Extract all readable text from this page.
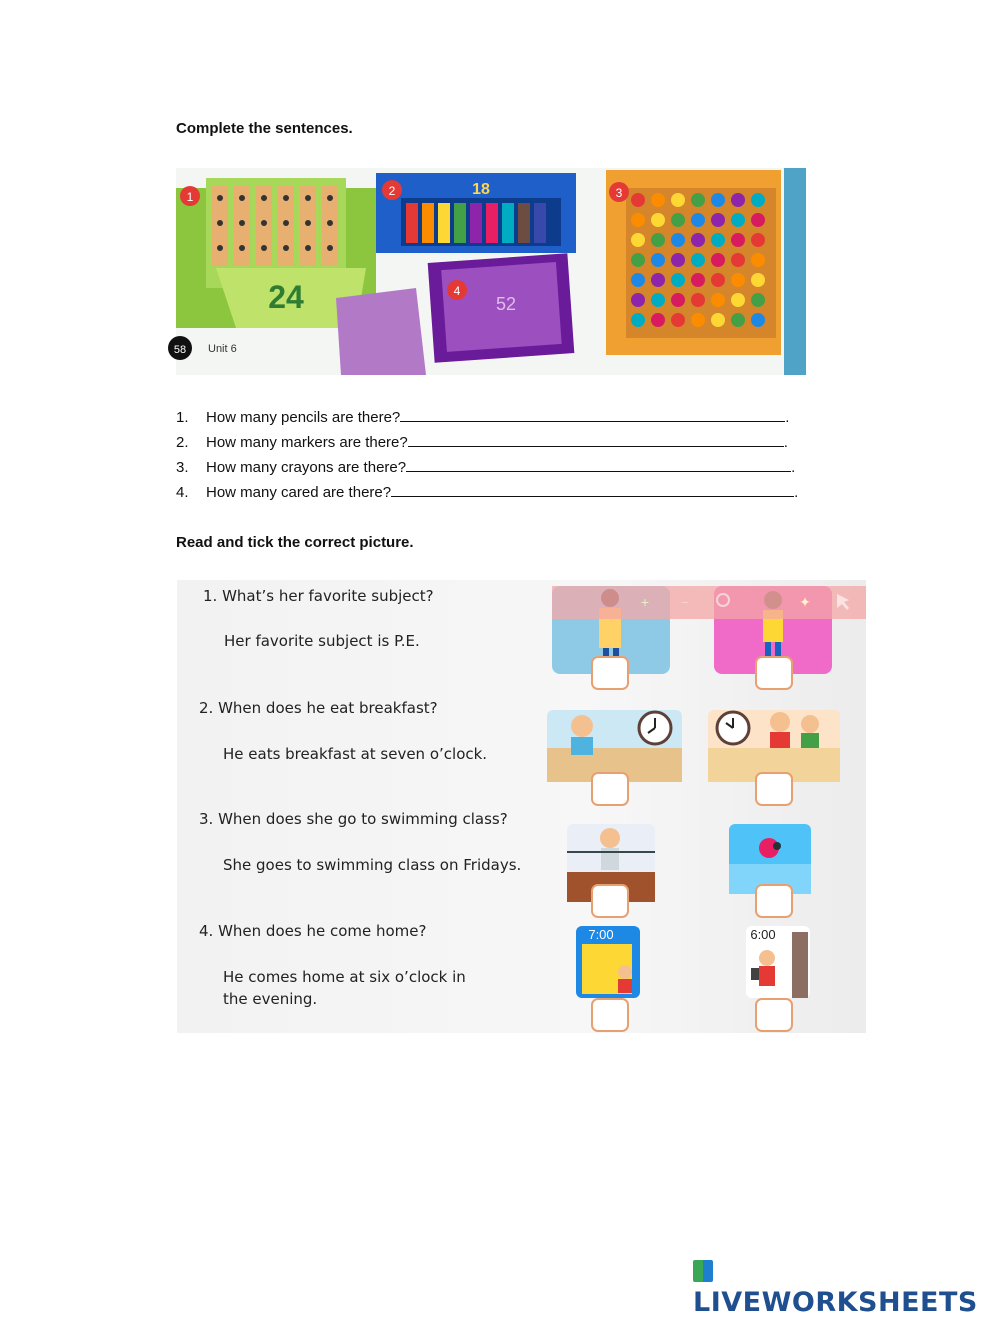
Complete the sentences.
24
1	18
2
52
4
3
58 Unit 6
1. How many pencils are there?	.
2. How many markers are there?	.
3. How many crayons are there?	.
4. How many cared are there?	.
Read and tick the correct picture.
1. What’s her favorite subject?
Her favorite subject is P.E.
2. When does he eat breakfast?
He eats breakfast at seven o’clock.
3. When does she go to swimming class?
She goes to swimming class on Fridays.
4. When does he come home?
He comes home at six o’clock in
the evening.
+ −	✦
7:00	6:00
LIVEWORKSHEETS
